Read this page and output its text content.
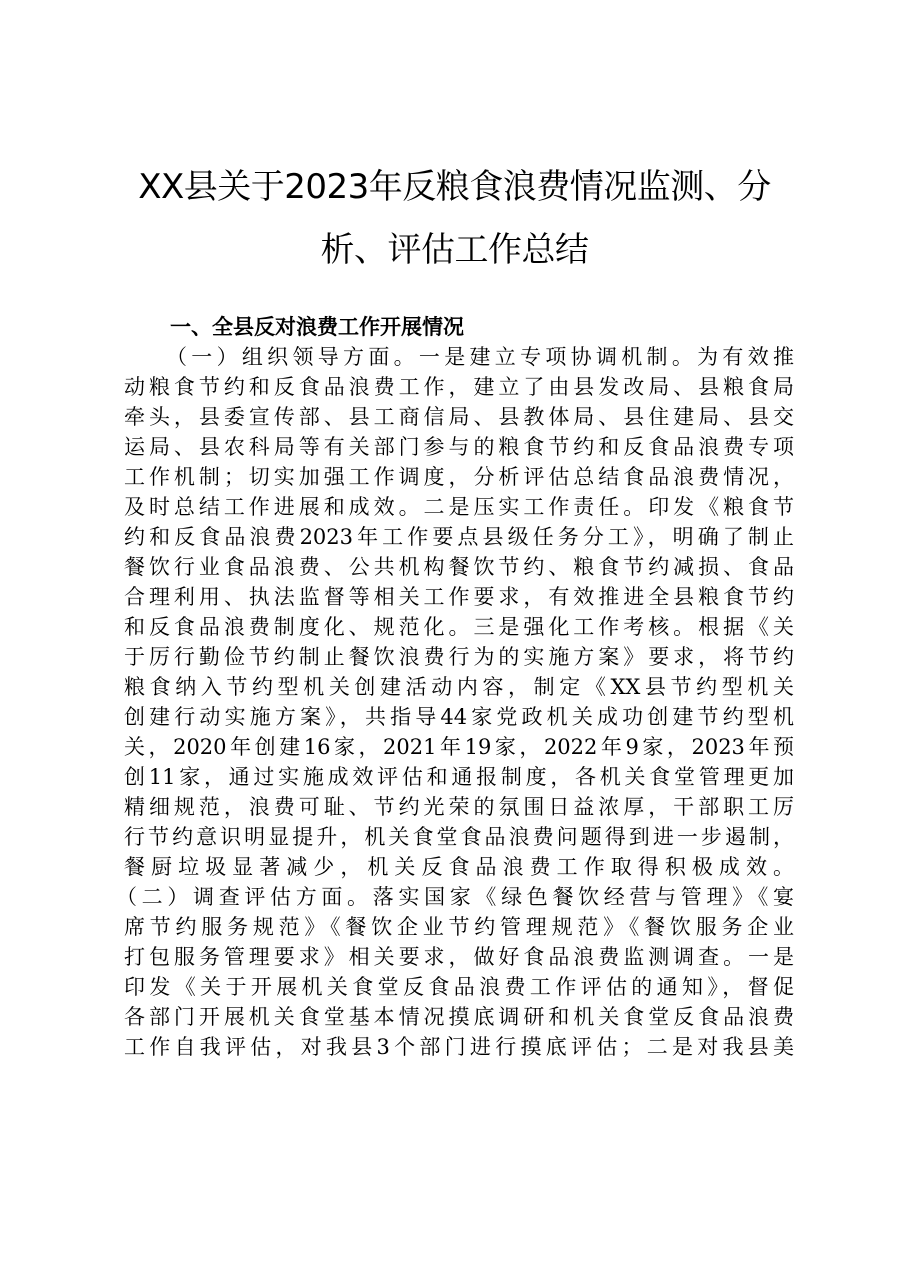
XX县关于2023年反粮食浪费情况监测、分
析、评估工作总结
一、全县反对浪费工作开展情况
（一）组织领导方面。一是建立专项协调机制。为有效推
动粮食节约和反食品浪费工作，建立了由县发改局、县粮食局
牵头，县委宣传部、县工商信局、县教体局、县住建局、县交
运局、县农科局等有关部门参与的粮食节约和反食品浪费专项
工作机制；切实加强工作调度，分析评估总结食品浪费情况，
及时总结工作进展和成效。二是压实工作责任。印发《粮食节
约和反食品浪费2023年工作要点县级任务分工》，明确了制止
餐饮行业食品浪费、公共机构餐饮节约、粮食节约减损、食品
合理利用、执法监督等相关工作要求，有效推进全县粮食节约
和反食品浪费制度化、规范化。三是强化工作考核。根据《关
于厉行勤俭节约制止餐饮浪费行为的实施方案》要求，将节约
粮食纳入节约型机关创建活动内容，制定《XX县节约型机关
创建行动实施方案》，共指导44家党政机关成功创建节约型机
关，2020年创建16家，2021年19家，2022年9家，2023年预
创11家，通过实施成效评估和通报制度，各机关食堂管理更加
精细规范，浪费可耻、节约光荣的氛围日益浓厚，干部职工厉
行节约意识明显提升，机关食堂食品浪费问题得到进一步遏制，
餐厨垃圾显著减少，机关反食品浪费工作取得积极成效。
（二）调查评估方面。落实国家《绿色餐饮经营与管理》《宴
席节约服务规范》《餐饮企业节约管理规范》《餐饮服务企业
打包服务管理要求》相关要求，做好食品浪费监测调查。一是
印发《关于开展机关食堂反食品浪费工作评估的通知》，督促
各部门开展机关食堂基本情况摸底调研和机关食堂反食品浪费
工作自我评估，对我县3个部门进行摸底评估；二是对我县美
